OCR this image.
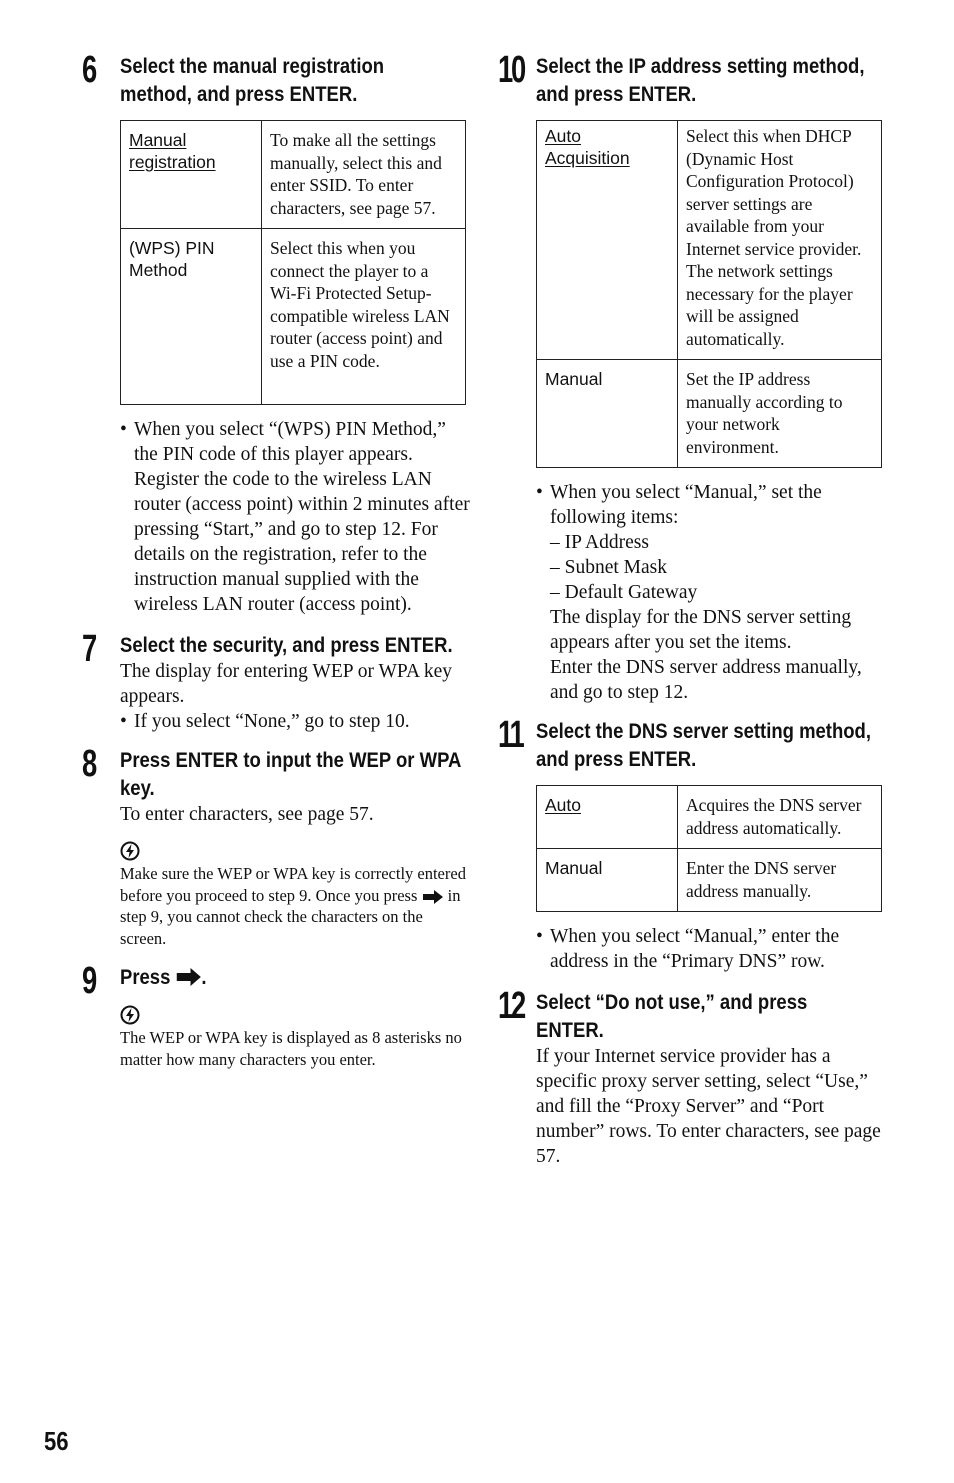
6 Select the manual registration
method, and press ENTER.
Manual registration	To make all the settings manually, select this and enter SSID. To enter characters, see page 57.
(WPS) PIN Method	Select this when you connect the player to a Wi-Fi Protected Setup-compatible wireless LAN router (access point) and use a PIN code.
• When you select “(WPS) PIN Method,” the PIN code of this player appears. Register the code to the wireless LAN router (access point) within 2 minutes after pressing “Start,” and go to step 12. For details on the registration, refer to the instruction manual supplied with the wireless LAN router (access point).
7 Select the security, and press ENTER.
The display for entering WEP or WPA key appears.
• If you select “None,” go to step 10.
8 Press ENTER to input the WEP or WPA
key.
To enter characters, see page 57.
Make sure the WEP or WPA key is correctly entered before you proceed to step 9. Once you press in step 9, you cannot check the characters on the screen.
9 Press .
The WEP or WPA key is displayed as 8 asterisks no matter how many characters you enter.
10 Select the IP address setting method,
and press ENTER.
Auto Acquisition	Select this when DHCP (Dynamic Host Configuration Protocol) server settings are available from your Internet service provider. The network settings necessary for the player will be assigned automatically.
Manual	Set the IP address manually according to your network environment.
• When you select “Manual,” set the following items:
– IP Address
– Subnet Mask
– Default Gateway
The display for the DNS server setting appears after you set the items.
Enter the DNS server address manually, and go to step 12.
11 Select the DNS server setting method,
and press ENTER.
Auto	Acquires the DNS server address automatically.
Manual	Enter the DNS server address manually.
• When you select “Manual,” enter the address in the “Primary DNS” row.
12 Select “Do not use,” and press
ENTER.
If your Internet service provider has a specific proxy server setting, select “Use,” and fill the “Proxy Server” and “Port number” rows. To enter characters, see page 57.
56
